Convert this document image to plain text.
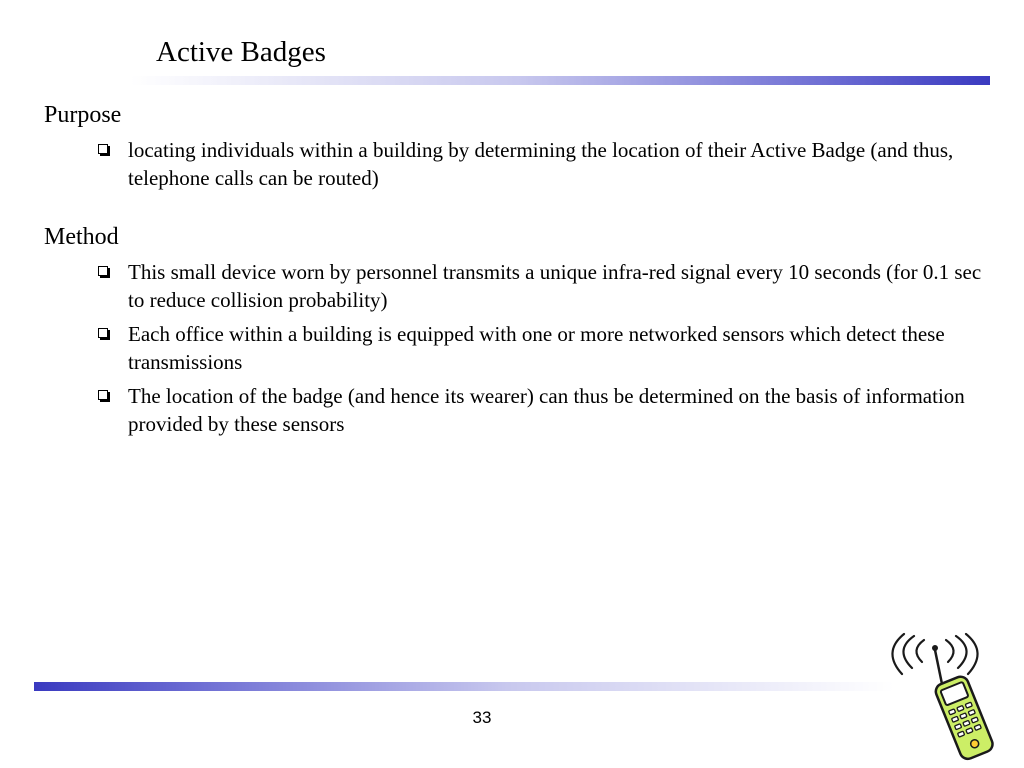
Active Badges
Purpose
locating individuals within a building by determining the location of their Active Badge (and thus, telephone calls can be routed)
Method
This small device worn by personnel transmits a unique infra-red signal every 10 seconds (for 0.1 sec to reduce collision probability)
Each office within a building is equipped with one or more networked sensors which detect these transmissions
The location of the badge (and hence its wearer) can thus be determined on the basis of information provided by these sensors
33
